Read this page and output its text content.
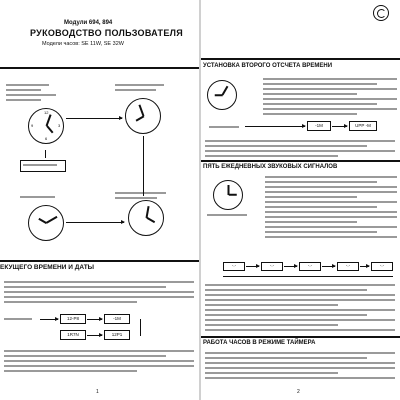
Модули 694, 894
РУКОВОДСТВО ПОЛЬЗОВАТЕЛЯ
Модели часов: SE 11W, SE 32W
12
3
6
9
ЕКУЩЕГО ВРЕМЕНИ И ДАТЫ
12-P8	-1M
1R7N	12P1
1
УСТАНОВКА ВТОРОГО ОТСЧЕТА ВРЕМЕНИ
-1M	UPP -M
ПЯТЬ ЕЖЕДНЕВНЫХ ЗВУКОВЫХ СИГНАЛОВ
-.-	-.-	-.-	-.-	-.-
РАБОТА ЧАСОВ В РЕЖИМЕ ТАЙМЕРА
2
